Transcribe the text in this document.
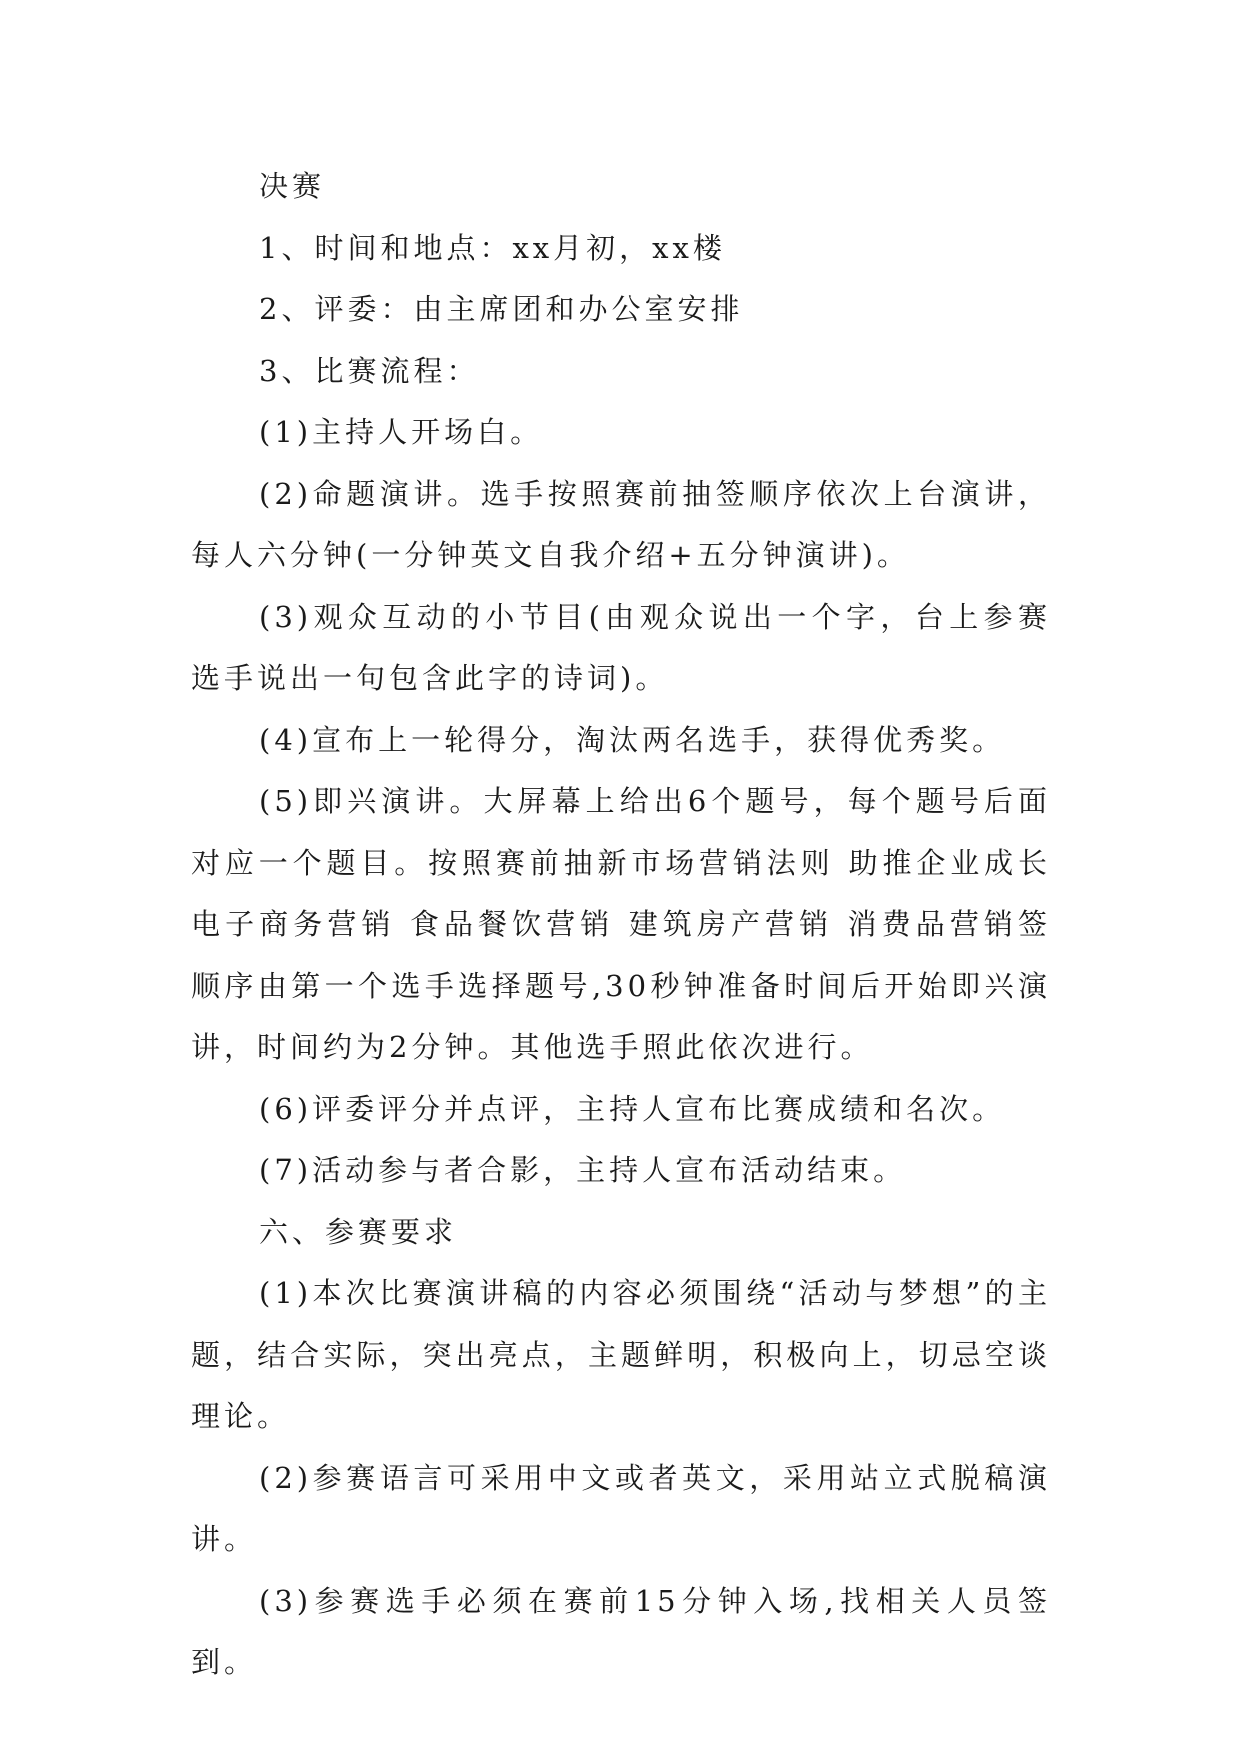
决赛

1、时间和地点：xx月初，xx楼

2、评委：由主席团和办公室安排

3、比赛流程：

(1)主持人开场白。

(2)命题演讲。选手按照赛前抽签顺序依次上台演讲，每人六分钟(一分钟英文自我介绍+五分钟演讲)。

(3)观众互动的小节目(由观众说出一个字，台上参赛选手说出一句包含此字的诗词)。

(4)宣布上一轮得分，淘汰两名选手，获得优秀奖。

(5)即兴演讲。大屏幕上给出6个题号，每个题号后面对应一个题目。按照赛前抽新市场营销法则 助推企业成长电子商务营销 食品餐饮营销 建筑房产营销 消费品营销签顺序由第一个选手选择题号,30秒钟准备时间后开始即兴演讲，时间约为2分钟。其他选手照此依次进行。

(6)评委评分并点评，主持人宣布比赛成绩和名次。

(7)活动参与者合影，主持人宣布活动结束。

六、参赛要求

(1)本次比赛演讲稿的内容必须围绕“活动与梦想”的主题，结合实际，突出亮点，主题鲜明，积极向上，切忌空谈理论。

(2)参赛语言可采用中文或者英文，采用站立式脱稿演讲。

(3)参赛选手必须在赛前15分钟入场,找相关人员签到。
